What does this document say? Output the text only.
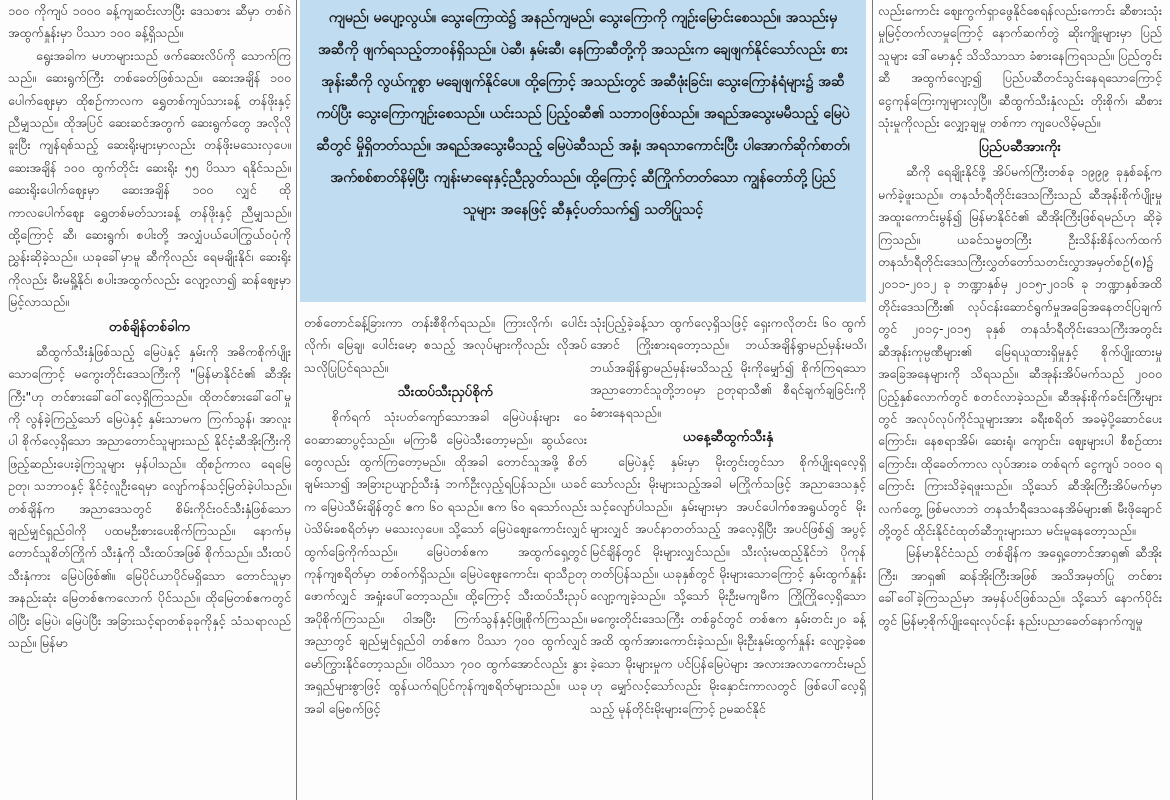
၁၀၀ ကိုကျပ် ၁၀၀၀ ခန့်ကျဆင်းလာပြီး ဒေသစား ဆီမှာ တစ်ဂဲ အထွက်နှုန်းမှာ ပိဿာ ၁၀၀ ခန့်ရှိသည်။

ရွေးအခါက မဟာများသည် ဖက်ဆေးလိပ်ကို သောက်ကြသည်။ ဆေးရွက်ကြီး တစ်ခေတ်ဖြစ်သည်။ ဆေးအချိန် ၁၀၀ ပေါက်ဈေးမှာ ထိုစဉ်ကာလက ရွှေတစ်ကျပ်သားခန့် တန်ဖိုးနှင့် ညီမျှသည်။ ထိုအပြင် ဆေးဆင်အတွက် ဆေးရွက်တွေ အလိုလိုခူးပြီး ကျန်ရစ်သည့် ဆေးရိုးများမှာလည်း တန်ဖိုးမသေးလှပေ။ ဆေးအချိန် ၁၀၀ ထွက်တိုင်း ဆေးရိုး ၅၅ ပိဿာ ရနိုင်သည်။ ဆေးရိုးပေါက်ဈေးမှာ ဆေးအချိန် ၁၀၀ လျှင် ထိုကာလပေါက်ဈေး ရွှေတစ်မတ်သားခန့် တန်ဖိုးနှင့် ညီမျှသည်။ ထို့ကြောင့် ဆီ၊ ဆေးရွက်၊ စပါးတို့ အလျှံပယ်ပေါကြွယ်ဝပုံကို ညွှန်းဆိုခဲ့သည်။ ယခုခေါ်မှာမူ ဆီကိုလည်း ရေမချိုးနိုင်၊ ဆေးရိုးကိုလည်း မီးမရှို့နိုင်၊ စပါးအထွက်လည်း လျော့လာ၍ ဆန်ဈေးမှာ မြင့်လာသည်။

တစ်ချိန်တစ်ခါက

ဆီထွက်သီးနှံဖြစ်သည့် မြေပဲနှင့် နှမ်းကို အဓိကစိုက်ပျိုးသောကြောင့် မကွေးတိုင်းဒေသကြီးကို "မြန်မာနိုင်ငံ၏ ဆီအိုးကြီး"ဟု တင်စားခေါ်ဝေါ်လေ့ရှိကြသည်။ ထိုတင်စားခေါ်ဝေါ်မှုကို လွန်ခဲ့ကြည့်သော် မြေပဲနှင့် နှမ်းသာမက ကြက်သွန်၊ အာလူးပါ စိုက်လေ့ရှိသော အညာတောင်သူများသည် နိုင်ငံ့ဆီအိုးကြီးကို ဖြည့်ဆည်းပေးခဲ့ကြသူများ မှန်ပါသည်။ ထိုစဉ်ကာလ ရေမြေ ဥတု၊ သဘာဝနှင့် နိုင်ငံ့လူဦးရေမှာ လျော်ကန်သင့်မြတ်ခဲ့ပါသည်။ တစ်ချိန်က အညာဒေသတွင် စိမ်းကိုင်းဝင်သီးနှံဖြစ်သော ချည်မျှင်ရှည်ဝါကို ပထမဦးစားပေးစိုက်ကြသည်။ နောက်မှ တောင်သူစိတ်ကြိုက် သီးနှံကို သီးထပ်အဖြစ် စိုက်သည်။ သီးထပ်သီးနှံကား မြေပဲဖြစ်၏။ မြေပိုင်ယာပိုင်မရှိသော တောင်သူမှာ အနည်းဆုံး မြေတစ်ဧကလောက် ပိုင်သည်။ ထိုမြေတစ်ဧကတွင် ဝါပြီး မြေပဲ၊ မြေပဲပြီး အခြားသင့်ရာတစ်ခုခုကိုနှင့် သံသရာလည်သည်။ မြန်မာ

ကျမည်၊ မပျော့လွယ်။ သွေးကြောထဲ၌ အနည်ကျမည်၊ သွေးကြောကို ကျဉ်းမြောင်းစေသည်။ အသည်းမှအဆီကို ဖျက်ရသည့်တာဝန်ရှိသည်။ ပဲဆီ၊ နှမ်းဆီ၊ နေကြာဆီတို့ကို အသည်းက ချေဖျက်နိုင်သော်လည်း စားအုန်းဆီကို လွယ်ကူစွာ မချေဖျက်နိုင်ပေ။ ထို့ကြောင့် အသည်းတွင် အဆီဖုံးခြင်း၊ သွေးကြောနံရံများ၌ အဆီကပ်ပြီး သွေးကြောကျဉ်းစေသည်။ ယင်းသည် ပြည့်ဝဆီ၏ သဘာဝဖြစ်သည်။ အရည်အသွေးမမီသည့် မြေပဲဆီတွင် မှိုရှိတတ်သည်။ အရည်အသွေးမီသည့် မြေပဲဆီသည် အနံ့၊ အရသာကောင်းပြီး ပါအောက်ဆိုက်စာတ်၊ အက်စစ်စာတ်နိမ့်ပြီး ကျန်းမာရေးနှင့်ညီညွတ်သည်။ ထို့ကြောင့် ဆီကြိုက်တတ်သော ကျွန်တော်တို့ ပြည်သူများ အနေဖြင့် ဆီနှင့်ပတ်သက်၍ သတိပြုသင့်

တစ်တောင်ခန့်ခြားကာ တန်းစီစိုက်ရသည်။ ကြားလိုက်၊ ပေါင်းလိုက်၊ မြေချ၊ ပေါင်းမော့ စသည့် အလုပ်များကိုလည်း လိုအပ်သလိုပြုပြင်ရသည်။

သီးထပ်သီးညှပ်စိုက်

စိုက်ရက် သုံးပတ်ကျော်သောအခါ မြေပဲပန်းများ ဝေဝေဆာဆာပွင့်သည်။ မကြာမီ မြေပဲသီးတော့မည်။ ဆွယ်လေးတွေလည်း ထွက်ကြတော့မည်။ ထိုအခါ တောင်သူအဖို့ စိတ်ချမ်းသာ၍ အခြားဥယျာဉ်သီးနှံ ဘက်ဦးလှည့်ရပြန်သည်။ ယခင်က မြေပဲသီမ်းချိန်တွင် ဧက ၆၀ ရသည်။ ဧက ၆၀ ရသော်လည်း ပဲသိမ်းခစရိတ်မှာ မသေးလှပေ။ သို့သော် မြေပဲဈေးကောင်းလျှင် ထွက်ခြေကိုက်သည်။ မြေပဲတစ်ဧက အထွက်ရှေ့တွင် ကုန်ကျစရိတ်မှာ တစ်ဝက်ရှိသည်။ မြေပဲဈေးကောင်း၊ ရာသီဥတုဖောက်လျှင် အရှုံးပေါ်တော့သည်။ ထို့ကြောင့် သီးထပ်သီးညှပ် အပိုစိုက်ကြသည်။ ဝါအပြီး ကြက်သွန်နှင့်ဖြူစိုက်ကြသည်။ အညာတွင် ချည်မျှင်ရှည်ဝါ တစ်ဧက ပိဿာ ၇၀၀ ထွက်လျှင် မော်ကြွားနိုင်တော့သည်။ ဝါပိဿာ ၇၀၀ ထွက်အောင်လည်း နွားအရှည်များစွာဖြင့် ထွန်ယက်ရပြင်ကုန်ကျစရိတ်များသည်။ ယခုအခါ မြေစက်ဖြင့်

သုံးပြည့်ခဲ့ခန့်သာ ထွက်လေ့ရှိသဖြင့် ရှေးကလိုတင်း ၆၀ ထွက်အောင် ကြိုးစားရတော့သည်။ ဘယ်အချိန်ရွာမည်မှန်းမသိ၊ ဘယ်အချိန်ရွာမည်မှန်းမသိသည့် မိုးကိုမျှော်၍ စိုက်ကြရသော အညာတောင်သူတို့ဘဝမှာ ဥတုရာသီ၏ စီရင်ချက်ချခြင်းကို ခံစားနေရသည်။

ယနေ့ဆီထွက်သီးနှံ

မြေပဲနှင့် နှမ်းမှာ မိုးတွင်းတွင်သာ စိုက်ပျိုးရလေ့ရှိသော်လည်း မိုးများသည့်အခါ မကြိုက်သဖြင့် အညာဒေသနှင့် သင့်လျော်ပါသည်။ နှမ်းများမှာ အပင်ပေါက်စအရွယ်တွင် မိုးများလျှင် အပင်နာတတ်သည့် အလေ့ရှိပြီး အပင်ဖြစ်၍ အပွင့်မြင်ချိန်တွင် မိုးများလျှင်သည်။ သီးလုံးမထည့်နိုင်ဘဲ ပိုကုန်တတ်ပြန်သည်။ ယခုနှစ်တွင် မိုးများသောကြောင့် နှမ်းထွက်နှုန်း လျော့ကျခဲ့သည်။ သို့သော် မိုးဦးမကျမီက ကြိုကြိုလေ့ရှိသော မကွေးတိုင်းဒေသကြီး တစ်ခွင်တွင် တစ်ဧက နှမ်းတင်း၂၀ ခန့်အထိ ထွက်အားကောင်းခဲ့သည်။ မိုးဦးနှမ်းထွက်နှုန်း လျော့ခဲ့စေခဲ့သော မိုးများမှုက ပင်ပြန်မြေပဲများ အလားအလာကောင်းမည်ဟု မျှော်လင့်သော်လည်း မိုးနှောင်းကာလတွင် ဖြစ်ပေါ်လေ့ရှိသည့် မုန်တိုင်းမိုးများကြောင့် ဥမဆင်နိုင်

လည်းကောင်း ဈေးကွက်ရှာဖွေနိုင်စေရန်လည်းကောင်း ဆီစားသုံးမှုမြင့်တက်လာမှုကြောင့် နောက်ဆက်တွဲ ဆိုးကျိုးများမှာ ပြည်သူများ ဒေါ်မောနှင့် သိသိသာသာ ခံစားနေကြရသည်။ ပြည်တွင်းဆီ အထွက်လျော့၍ ပြည်ပဆီတင်သွင်းနေရသောကြောင့် ငွေကုန်ကြေးကျများလှပြီ။ ဆီထွက်သီးနှံလည်း တိုးစိုက်၊ ဆီစားသုံးမှုကိုလည်း လျှော့ချမှု တစ်ကာ ကျပေလိမ့်မည်။

ပြည်ပဆီအားကိုး

ဆီကို ရေချိုးနိုင်ဖို့ အိပ်မက်ကြီးတစ်ခု ၁၉၉၉ ခုနှစ်ခန့်က မက်ခဲ့ဖူးသည်။ တနင်္သာရီတိုင်းဒေသကြီးသည် ဆီအုန်းစိုက်ပျိုးမှု အထူးကောင်းမွန်၍ မြန်မာနိုင်ငံ၏ ဆီအိုးကြီးဖြစ်ရမည်ဟု ဆိုခဲ့ကြသည်။ ယခင်သမ္မတကြီး ဦးသိန်းစိန်လက်ထက် တနင်္သာရီတိုင်းဒေသကြီးလွှတ်တော်သတင်းလွှာအမှတ်စဉ်(၈)၌ ၂၀၁၁-၂၀၁၂ ခု ဘဏ္ဍာနှစ်မှ ၂၀၁၅-၂၀၁၆ ခု ဘဏ္ဍာနှစ်အထိ တိုင်းဒေသကြီး၏ လုပ်ငန်းဆောင်ရွက်မှုအခြေအနေတင်ပြချက်တွင် ၂၀၁၄-၂၀၁၅ ခုနှစ် တနင်္သာရီတိုင်းဒေသကြီးအတွင်း ဆီအုန်းကုမ္ပဏီများ၏ မြေရယူထားရှိမှုနှင့် စိုက်ပျိုးထားမှုအခြေအနေများကို သိရသည်။ ဆီအုန်းအိပ်မက်သည် ၂၀၀၀ ပြည့်နှစ်လောက်တွင် စတင်လာခဲ့သည်။ ဆီအုန်းစိုက်ခင်းကြီးများတွင် အလုပ်လုပ်ကိုင်သူများအား ခရီးစရိတ် အခမဲ့ပို့ဆောင်ပေးကြောင်း၊ နေစရာအိမ်၊ ဆေးရုံ၊ ကျောင်း၊ ဈေးများပါ စီစဉ်ထားကြောင်း၊ ထိုခေတ်ကာလ လုပ်အားခ တစ်ရက် ငွေကျပ် ၁၀၀၀ ရကြောင်း ကြားသိခဲ့ရဖူးသည်။ သို့သော် ဆီအိုးကြီးအိပ်မက်မှာ လက်တွေ့ ဖြစ်မလာဘဲ တနင်္သာရီဒေသနေအိမ်များ၏ မီးဖိုချောင်တို့တွင် ထိုင်းနိုင်ငံထုတ်ဆီဘူးများသာ မင်းမူနေတော့သည်။

မြန်မာနိုင်ငံသည် တစ်ချိန်က အရှေ့တောင်အာရှ၏ ဆီအိုးကြီး၊ အာရှ၏ ဆန်အိုးကြီးအဖြစ် အသိအမှတ်ပြု တင်စားခေါ်ဝေါ်ခဲ့ကြသည်မှာ အမှန်ပင်ဖြစ်သည်။ သို့သော် နောက်ပိုင်းတွင် မြန်မာ့စိုက်ပျိုးရေးလုပ်ငန်း နည်းပညာခေတ်နောက်ကျမှု
